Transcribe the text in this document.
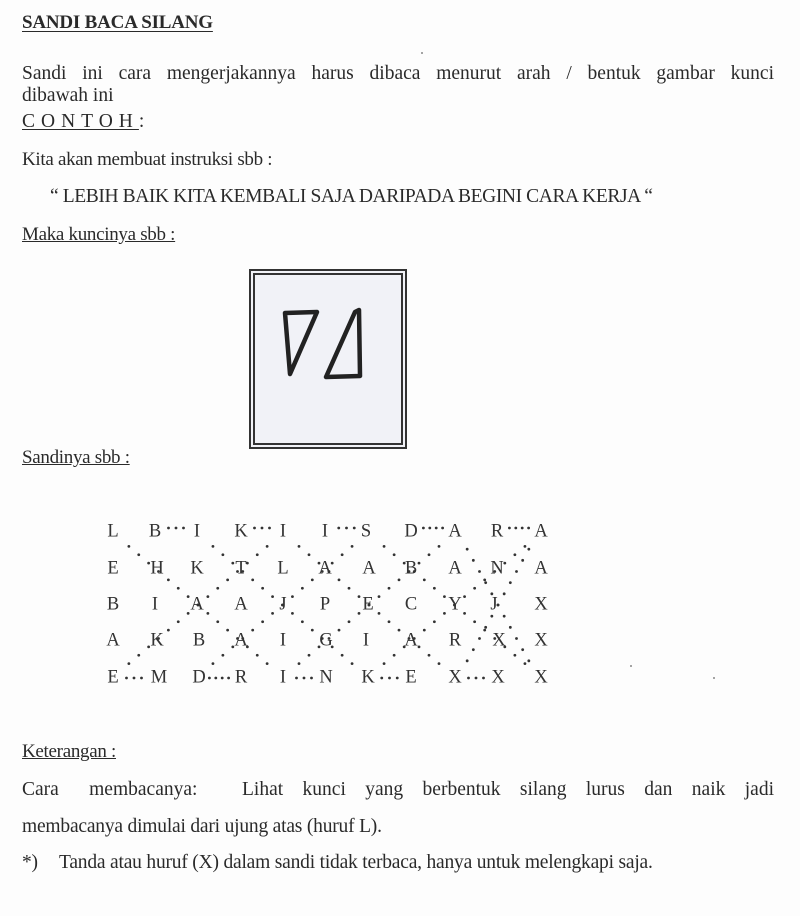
SANDI BACA SILANG
Sandi ini cara mengerjakannya harus dibaca menurut arah / bentuk gambar kunci
dibawah ini
CONTOH:
Kita akan membuat instruksi sbb :
“ LEBIH BAIK KITA KEMBALI SAJA DARIPADA BEGINI CARA KERJA “
Maka kuncinya sbb :
Sandinya sbb :
L B I K I I S D A R A
E H K T L A A B A N A
B I A A J P E C Y J X
A K B A I G I A R X X
E M D R I N K E X X X
Keterangan :
Cara membacanya: Lihat kunci yang berbentuk silang lurus dan naik jadi
membacanya dimulai dari ujung atas (huruf L).
*) Tanda atau huruf (X) dalam sandi tidak terbaca, hanya untuk melengkapi saja.
